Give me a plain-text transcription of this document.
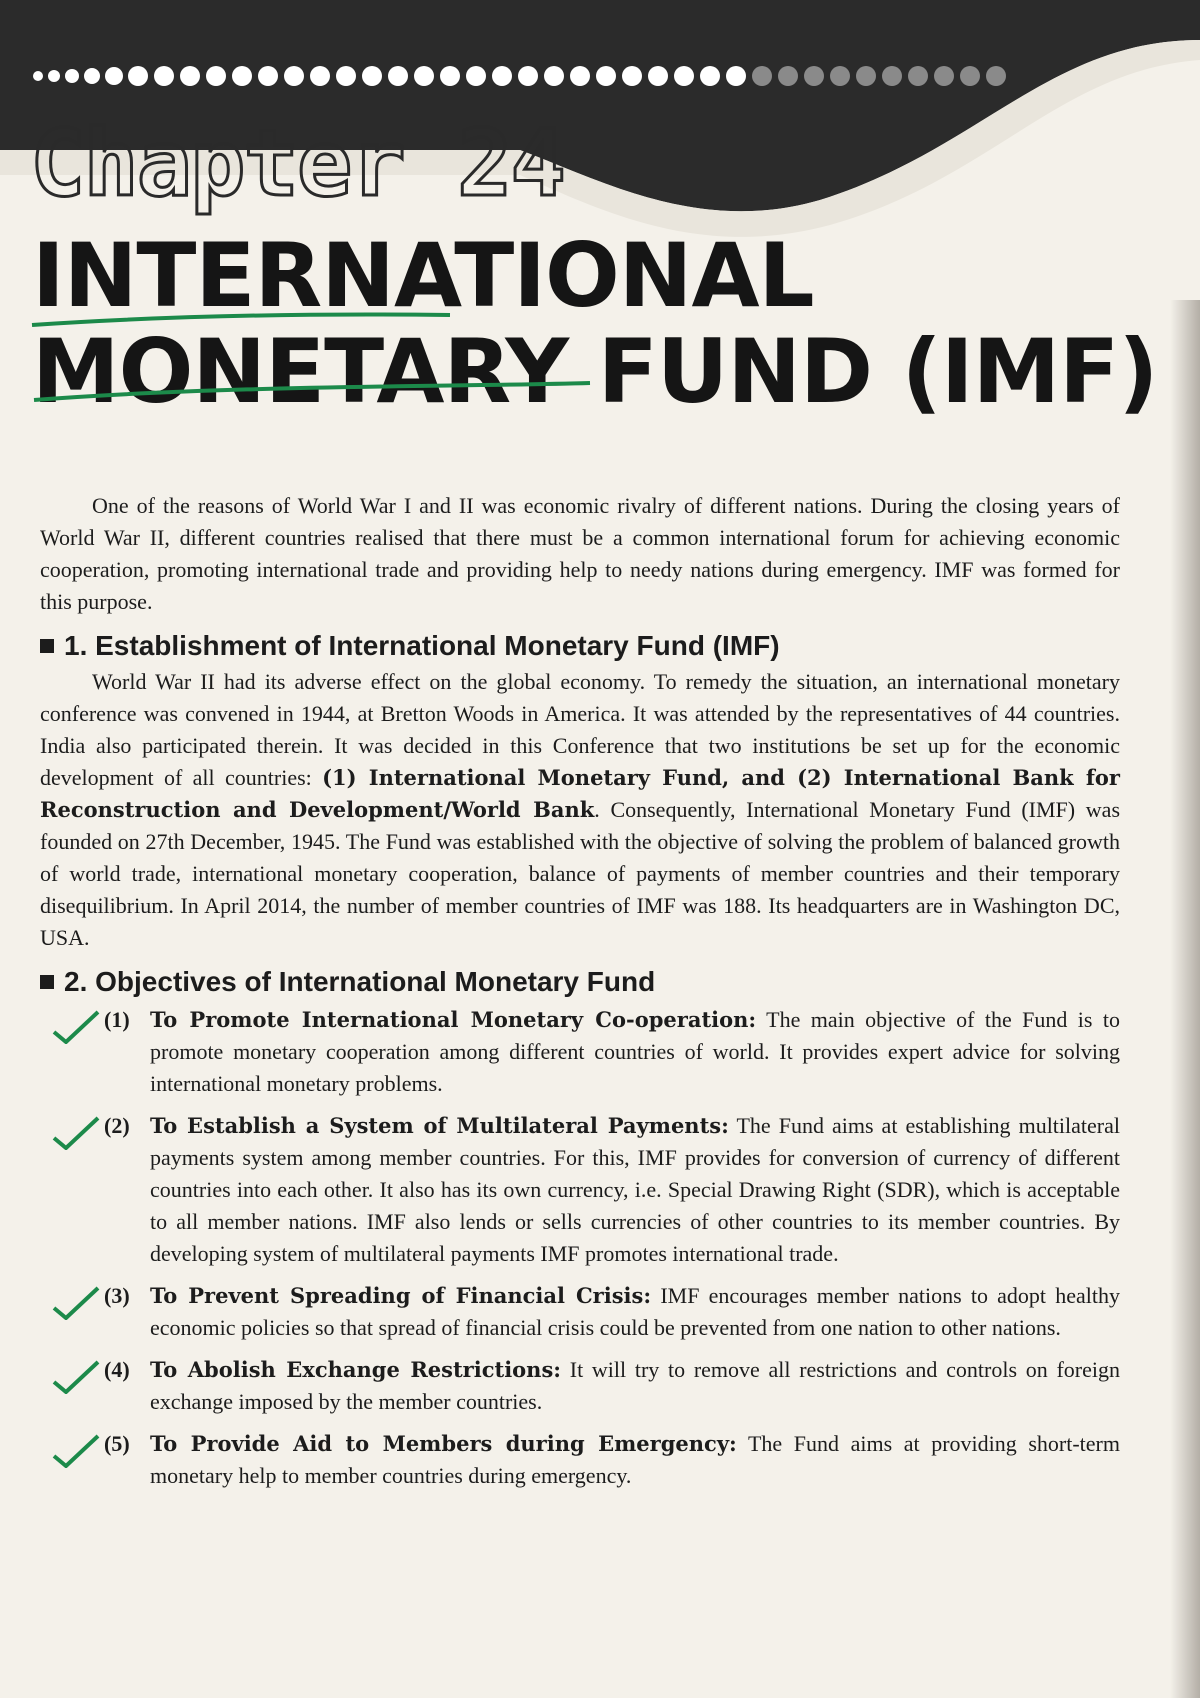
Chapter 24
INTERNATIONAL
MONETARY FUND (IMF)

One of the reasons of World War I and II was economic rivalry of different nations. During the closing years of World War II, different countries realised that there must be a common international forum for achieving economic cooperation, promoting international trade and providing help to needy nations during emergency. IMF was formed for this purpose.

1. Establishment of International Monetary Fund (IMF)

World War II had its adverse effect on the global economy. To remedy the situation, an international monetary conference was convened in 1944, at Bretton Woods in America. It was attended by the representatives of 44 countries. India also participated therein. It was decided in this Conference that two institutions be set up for the economic development of all countries: (1) International Monetary Fund, and (2) International Bank for Reconstruction and Development/World Bank. Consequently, International Monetary Fund (IMF) was founded on 27th December, 1945. The Fund was established with the objective of solving the problem of balanced growth of world trade, international monetary cooperation, balance of payments of member countries and their temporary disequilibrium. In April 2014, the number of member countries of IMF was 188. Its headquarters are in Washington DC, USA.

2. Objectives of International Monetary Fund
(1) To Promote International Monetary Co-operation: The main objective of the Fund is to promote monetary cooperation among different countries of world. It provides expert advice for solving international monetary problems.
(2) To Establish a System of Multilateral Payments: The Fund aims at establishing multilateral payments system among member countries. For this, IMF provides for conversion of currency of different countries into each other. It also has its own currency, i.e. Special Drawing Right (SDR), which is acceptable to all member nations. IMF also lends or sells currencies of other countries to its member countries. By developing system of multilateral payments IMF promotes international trade.
(3) To Prevent Spreading of Financial Crisis: IMF encourages member nations to adopt healthy economic policies so that spread of financial crisis could be prevented from one nation to other nations.
(4) To Abolish Exchange Restrictions: It will try to remove all restrictions and controls on foreign exchange imposed by the member countries.
(5) To Provide Aid to Members during Emergency: The Fund aims at providing short-term monetary help to member countries during emergency.
